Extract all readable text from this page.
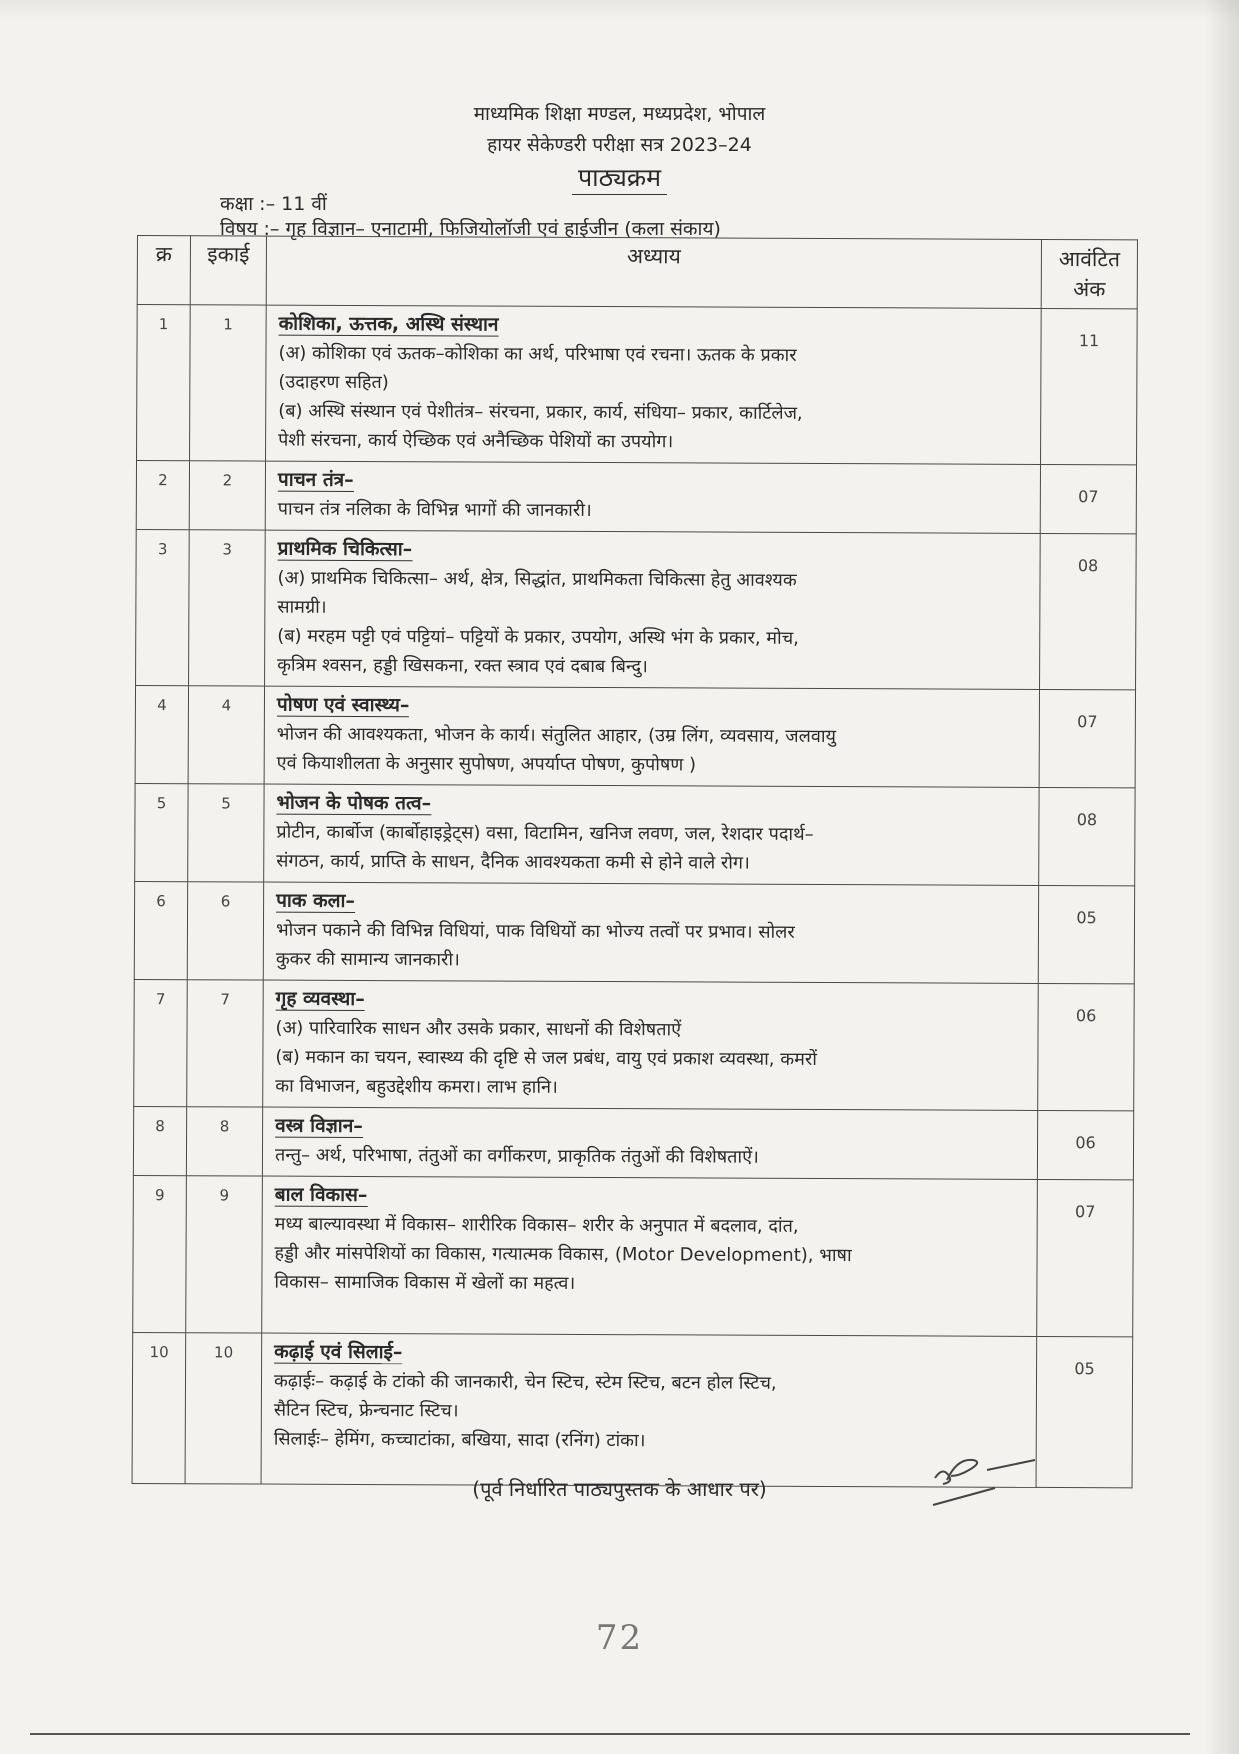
माध्यमिक शिक्षा मण्डल, मध्यप्रदेश, भोपाल
हायर सेकेण्डरी परीक्षा सत्र 2023–24
पाठ्यक्रम
कक्षा :– 11 वीं
विषय :– गृह विज्ञान– एनाटामी, फिजियोलॉजी एवं हाईजीन (कला संकाय)
क्र	इकाई	अध्याय	आवंटित
अंक

1	1	कोशिका, ऊत्तक, अस्थि संस्थान
(अ) कोशिका एवं ऊतक–कोशिका का अर्थ, परिभाषा एवं रचना। ऊतक के प्रकार
(उदाहरण सहित)
(ब) अस्थि संस्थान एवं पेशीतंत्र– संरचना, प्रकार, कार्य, संधिया– प्रकार, कार्टिलेज,
पेशी संरचना, कार्य ऐच्छिक एवं अनैच्छिक पेशियों का उपयोग।	11
2	2	पाचन तंत्र–
पाचन तंत्र नलिका के विभिन्न भागों की जानकारी।	07
3	3	प्राथमिक चिकित्सा–
(अ) प्राथमिक चिकित्सा– अर्थ, क्षेत्र, सिद्धांत, प्राथमिकता चिकित्सा हेतु आवश्यक
सामग्री।
(ब) मरहम पट्टी एवं पट्टियां– पट्टियों के प्रकार, उपयोग, अस्थि भंग के प्रकार, मोच,
कृत्रिम श्वसन, हड्डी खिसकना, रक्त स्त्राव एवं दबाब बिन्दु।	08
4	4	पोषण एवं स्वास्थ्य–
भोजन की आवश्यकता, भोजन के कार्य। संतुलित आहार, (उम्र लिंग, व्यवसाय, जलवायु
एवं कियाशीलता के अनुसार सुपोषण, अपर्याप्त पोषण, कुपोषण )	07
5	5	भोजन के पोषक तत्व–
प्रोटीन, कार्बोज (कार्बोहाइड्रेट्स) वसा, विटामिन, खनिज लवण, जल, रेशदार पदार्थ–
संगठन, कार्य, प्राप्ति के साधन, दैनिक आवश्यकता कमी से होने वाले रोग।	08
6	6	पाक कला–
भोजन पकाने की विभिन्न विधियां, पाक विधियों का भोज्य तत्वों पर प्रभाव। सोलर
कुकर की सामान्य जानकारी।	05
7	7	गृह व्यवस्था–
(अ) पारिवारिक साधन और उसके प्रकार, साधनों की विशेषताऐं
(ब) मकान का चयन, स्वास्थ्य की दृष्टि से जल प्रबंध, वायु एवं प्रकाश व्यवस्था, कमरों
का विभाजन, बहुउद्देशीय कमरा। लाभ हानि।	06
8	8	वस्त्र विज्ञान–
तन्तु– अर्थ, परिभाषा, तंतुओं का वर्गीकरण, प्राकृतिक तंतुओं की विशेषताऐं।	06
9	9	बाल विकास–
मध्य बाल्यावस्था में विकास– शारीरिक विकास– शरीर के अनुपात में बदलाव, दांत,
हड्डी और मांसपेशियों का विकास, गत्यात्मक विकास, (Motor Development), भाषा
विकास– सामाजिक विकास में खेलों का महत्व।	07
10	10	कढ़ाई एवं सिलाई–
कढ़ाईः– कढ़ाई के टांको की जानकारी, चेन स्टिच, स्टेम स्टिच, बटन होल स्टिच,
सैटिन स्टिच, फ्रेन्चनाट स्टिच।
सिलाईः– हेमिंग, कच्चाटांका, बखिया, सादा (रनिंग) टांका।	05
(पूर्व निर्धारित पाठ्यपुस्तक के आधार पर)
72
